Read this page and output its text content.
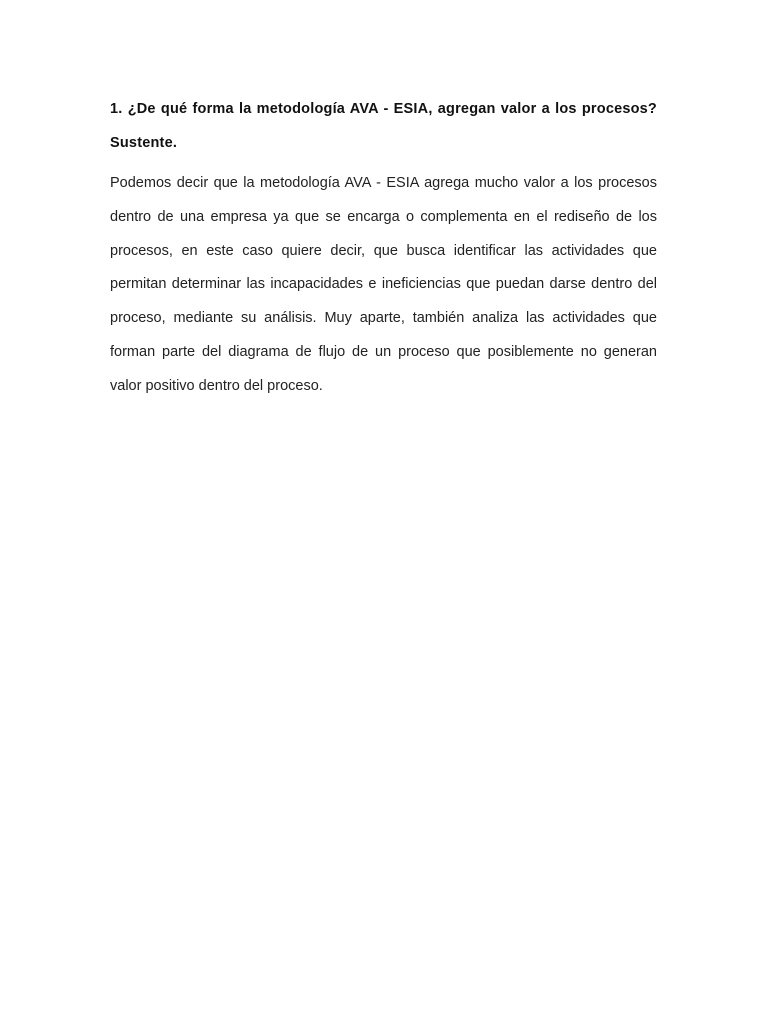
1. ¿De qué forma la metodología AVA - ESIA, agregan valor a los procesos? Sustente.

Podemos decir que la metodología AVA - ESIA agrega mucho valor a los procesos dentro de una empresa ya que se encarga o complementa en el rediseño de los procesos, en este caso quiere decir, que busca identificar las actividades que permitan determinar las incapacidades e ineficiencias que puedan darse dentro del proceso, mediante su análisis. Muy aparte, también analiza las actividades que forman parte del diagrama de flujo de un proceso que posiblemente no generan valor positivo dentro del proceso.
